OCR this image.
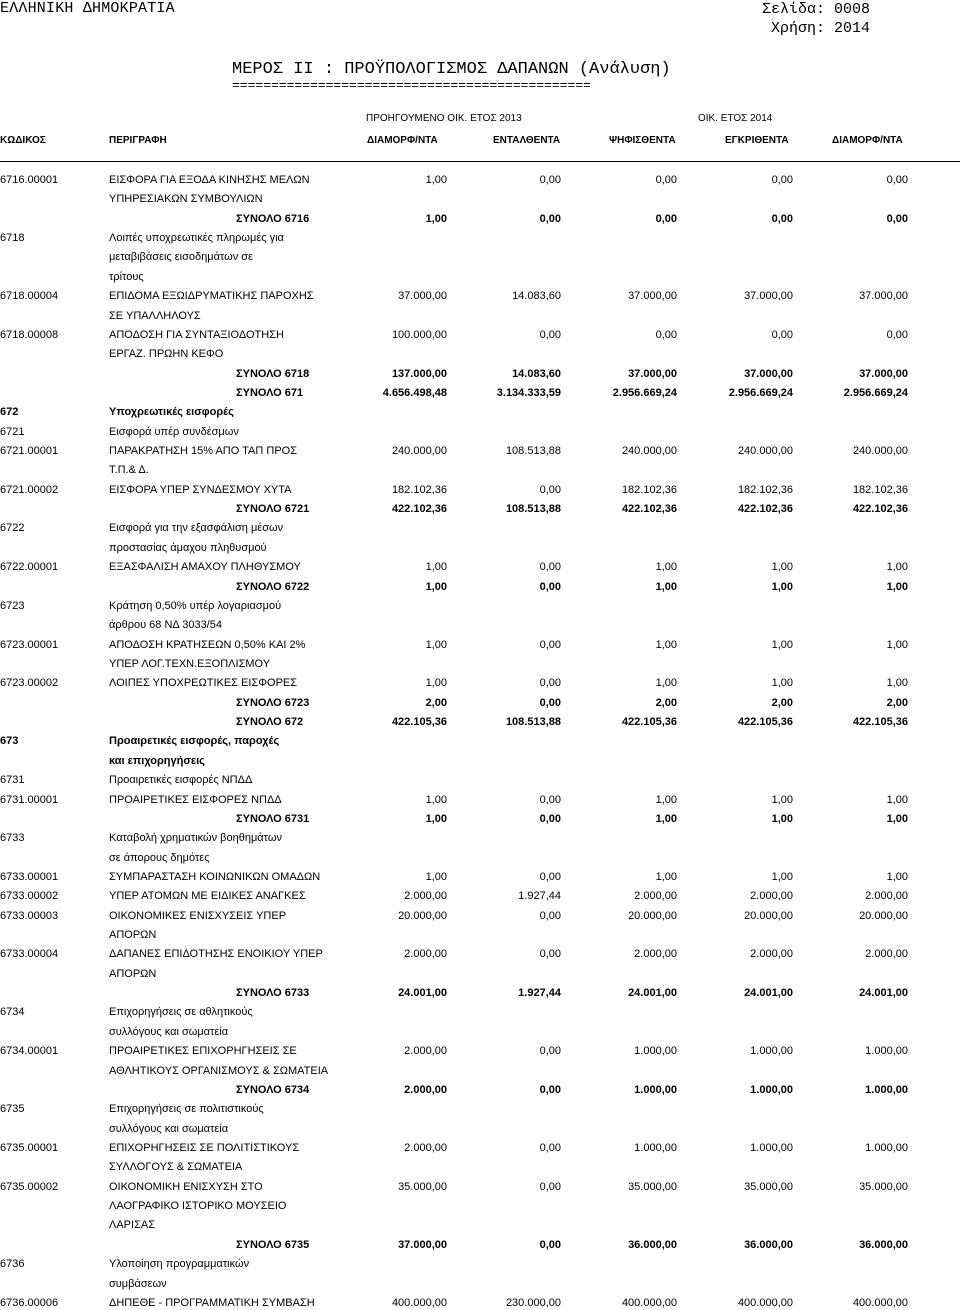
ΕΛΛΗΝΙΚΗ ΔΗΜΟΚΡΑΤΙΑ	Σελίδα: 0008
Χρήση: 2014
ΜΕΡΟΣ ΙΙ : ΠΡΟΫΠΟΛΟΓΙΣΜΟΣ ΔΑΠΑΝΩΝ (Ανάλυση)
==============================================
ΠΡΟΗΓΟΥΜΕΝΟ ΟΙΚ. ΕΤΟΣ 2013	ΟΙΚ. ΕΤΟΣ 2014
ΚΩΔΙΚΟΣ	ΠΕΡΙΓΡΑΦΗ	ΔΙΑΜΟΡΦ/ΝΤΑ	ΕΝΤΑΛΘΕΝΤΑ	ΨΗΦΙΣΘΕΝΤΑ	ΕΓΚΡΙΘΕΝΤΑ	ΔΙΑΜΟΡΦ/ΝΤΑ
6716.00001	ΕΙΣΦΟΡΑ ΓΙΑ ΕΞΟΔΑ ΚΙΝΗΣΗΣ ΜΕΛΩΝ	1,00	0,00	0,00	0,00	0,00
ΥΠΗΡΕΣΙΑΚΩΝ ΣΥΜΒΟΥΛΙΩΝ
ΣΥΝΟΛΟ 6716	1,00	0,00	0,00	0,00	0,00
6718	Λοιπές υποχρεωτικές πληρωμές για
μεταβιβάσεις εισοδημάτων σε
τρίτους
6718.00004	ΕΠΙΔΟΜΑ ΕΞΩΙΔΡΥΜΑΤΙΚΗΣ ΠΑΡΟΧΗΣ	37.000,00	14.083,60	37.000,00	37.000,00	37.000,00
ΣΕ ΥΠΑΛΛΗΛΟΥΣ
6718.00008	ΑΠΟΔΟΣΗ ΓΙΑ ΣΥΝΤΑΞΙΟΔΟΤΗΣΗ	100.000,00	0,00	0,00	0,00	0,00
ΕΡΓΑΖ. ΠΡΩΗΝ ΚΕΦΟ
ΣΥΝΟΛΟ 6718	137.000,00	14.083,60	37.000,00	37.000,00	37.000,00
ΣΥΝΟΛΟ 671	4.656.498,48	3.134.333,59	2.956.669,24	2.956.669,24	2.956.669,24
672	Υποχρεωτικές εισφορές
6721	Εισφορά υπέρ συνδέσμων
6721.00001	ΠΑΡΑΚΡΑΤΗΣΗ 15% ΑΠΟ ΤΑΠ ΠΡΟΣ	240.000,00	108.513,88	240.000,00	240.000,00	240.000,00
Τ.Π.& Δ.
6721.00002	ΕΙΣΦΟΡΑ ΥΠΕΡ ΣΥΝΔΕΣΜΟΥ ΧΥΤΑ	182.102,36	0,00	182.102,36	182.102,36	182.102,36
ΣΥΝΟΛΟ 6721	422.102,36	108.513,88	422.102,36	422.102,36	422.102,36
6722	Εισφορά για την εξασφάλιση μέσων
προστασίας άμαχου πληθυσμού
6722.00001	ΕΞΑΣΦΑΛΙΣΗ ΑΜΑΧΟΥ ΠΛΗΘΥΣΜΟΥ	1,00	0,00	1,00	1,00	1,00
ΣΥΝΟΛΟ 6722	1,00	0,00	1,00	1,00	1,00
6723	Κράτηση 0,50% υπέρ λογαριασμού
άρθρου 68 ΝΔ 3033/54
6723.00001	ΑΠΟΔΟΣΗ ΚΡΑΤΗΣΕΩΝ 0,50% ΚΑΙ 2%	1,00	0,00	1,00	1,00	1,00
ΥΠΕΡ ΛΟΓ.ΤΕΧΝ.ΕΞΟΠΛΙΣΜΟΥ
6723.00002	ΛΟΙΠΕΣ ΥΠΟΧΡΕΩΤΙΚΕΣ ΕΙΣΦΟΡΕΣ	1,00	0,00	1,00	1,00	1,00
ΣΥΝΟΛΟ 6723	2,00	0,00	2,00	2,00	2,00
ΣΥΝΟΛΟ 672	422.105,36	108.513,88	422.105,36	422.105,36	422.105,36
673	Προαιρετικές εισφορές, παροχές
και επιχορηγήσεις
6731	Προαιρετικές εισφορές ΝΠΔΔ
6731.00001	ΠΡΟΑΙΡΕΤΙΚΕΣ ΕΙΣΦΟΡΕΣ ΝΠΔΔ	1,00	0,00	1,00	1,00	1,00
ΣΥΝΟΛΟ 6731	1,00	0,00	1,00	1,00	1,00
6733	Καταβολή χρηματικών βοηθημάτων
σε άπορους δημότες
6733.00001	ΣΥΜΠΑΡΑΣΤΑΣΗ ΚΟΙΝΩΝΙΚΩΝ ΟΜΑΔΩΝ	1,00	0,00	1,00	1,00	1,00
6733.00002	ΥΠΕΡ ΑΤΟΜΩΝ ΜΕ ΕΙΔΙΚΕΣ ΑΝΑΓΚΕΣ	2.000,00	1.927,44	2.000,00	2.000,00	2.000,00
6733.00003	ΟΙΚΟΝΟΜΙΚΕΣ ΕΝΙΣΧΥΣΕΙΣ ΥΠΕΡ	20.000,00	0,00	20.000,00	20.000,00	20.000,00
ΑΠΟΡΩΝ
6733.00004	ΔΑΠΑΝΕΣ ΕΠΙΔΟΤΗΣΗΣ ΕΝΟΙΚΙΟΥ ΥΠΕΡ	2.000,00	0,00	2.000,00	2.000,00	2.000,00
ΑΠΟΡΩΝ
ΣΥΝΟΛΟ 6733	24.001,00	1.927,44	24.001,00	24.001,00	24.001,00
6734	Επιχορηγήσεις σε αθλητικούς
συλλόγους και σωματεία
6734.00001	ΠΡΟΑΙΡΕΤΙΚΕΣ ΕΠΙΧΟΡΗΓΗΣΕΙΣ ΣΕ	2.000,00	0,00	1.000,00	1.000,00	1.000,00
ΑΘΛΗΤΙΚΟΥΣ ΟΡΓΑΝΙΣΜΟΥΣ & ΣΩΜΑΤΕΙΑ
ΣΥΝΟΛΟ 6734	2.000,00	0,00	1.000,00	1.000,00	1.000,00
6735	Επιχορηγήσεις σε πολιτιστικούς
συλλόγους και σωματεία
6735.00001	ΕΠΙΧΟΡΗΓΗΣΕΙΣ ΣΕ ΠΟΛΙΤΙΣΤΙΚΟΥΣ	2.000,00	0,00	1.000,00	1.000,00	1.000,00
ΣΥΛΛΟΓΟΥΣ & ΣΩΜΑΤΕΙΑ
6735.00002	ΟΙΚΟΝΟΜΙΚΗ ΕΝΙΣΧΥΣΗ ΣΤΟ	35.000,00	0,00	35.000,00	35.000,00	35.000,00
ΛΑΟΓΡΑΦΙΚΟ ΙΣΤΟΡΙΚΟ ΜΟΥΣΕΙΟ
ΛΑΡΙΣΑΣ
ΣΥΝΟΛΟ 6735	37.000,00	0,00	36.000,00	36.000,00	36.000,00
6736	Υλοποίηση προγραμματικών
συμβάσεων
6736.00006	ΔΗΠΕΘΕ - ΠΡΟΓΡΑΜΜΑΤΙΚΗ ΣΥΜΒΑΣΗ	400.000,00	230.000,00	400.000,00	400.000,00	400.000,00
